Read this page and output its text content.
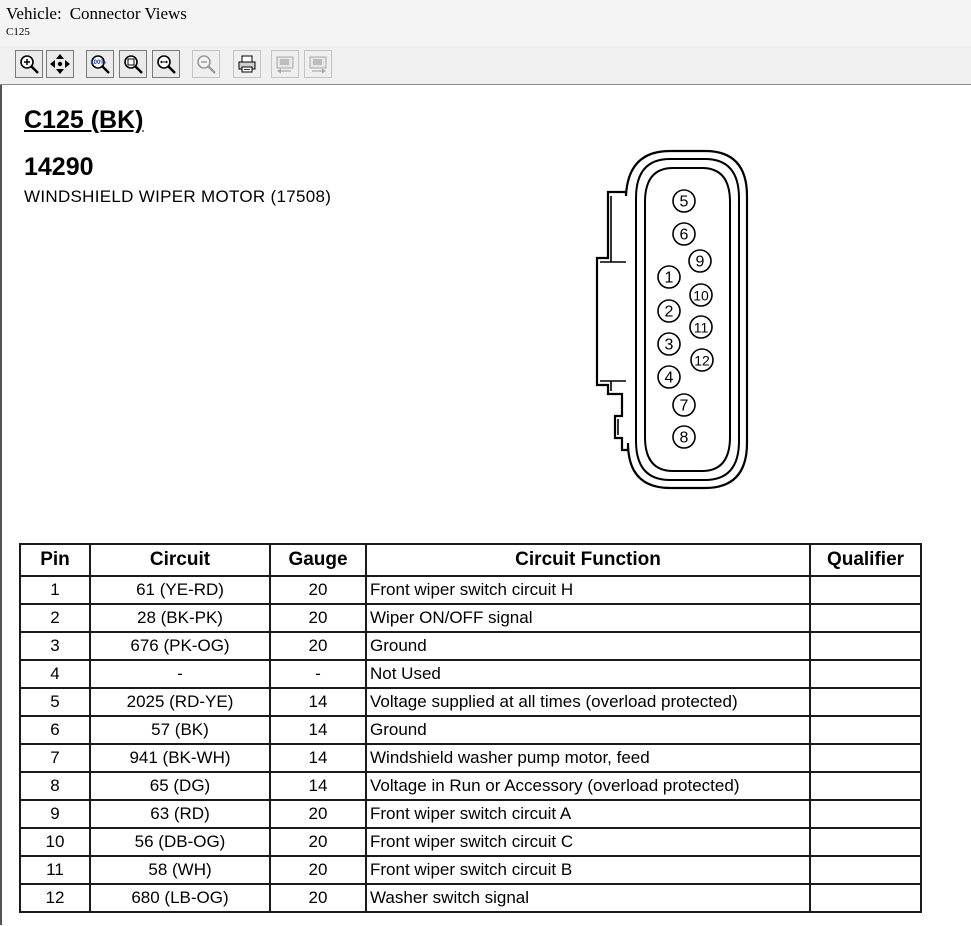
Vehicle: Connector Views
C125
100%
C125 (BK)
14290
WINDSHIELD WIPER MOTOR (17508)	5
6
9
1
10
2
11
3
12
4
7
8
Pin	Circuit	Gauge	Circuit Function	Qualifier
1	61 (YE-RD)	20	Front wiper switch circuit H	
2	28 (BK-PK)	20	Wiper ON/OFF signal	
3	676 (PK-OG)	20	Ground	
4	-	-	Not Used	
5	2025 (RD-YE)	14	Voltage supplied at all times (overload protected)	
6	57 (BK)	14	Ground	
7	941 (BK-WH)	14	Windshield washer pump motor, feed	
8	65 (DG)	14	Voltage in Run or Accessory (overload protected)	
9	63 (RD)	20	Front wiper switch circuit A	
10	56 (DB-OG)	20	Front wiper switch circuit C	
11	58 (WH)	20	Front wiper switch circuit B	
12	680 (LB-OG)	20	Washer switch signal	
